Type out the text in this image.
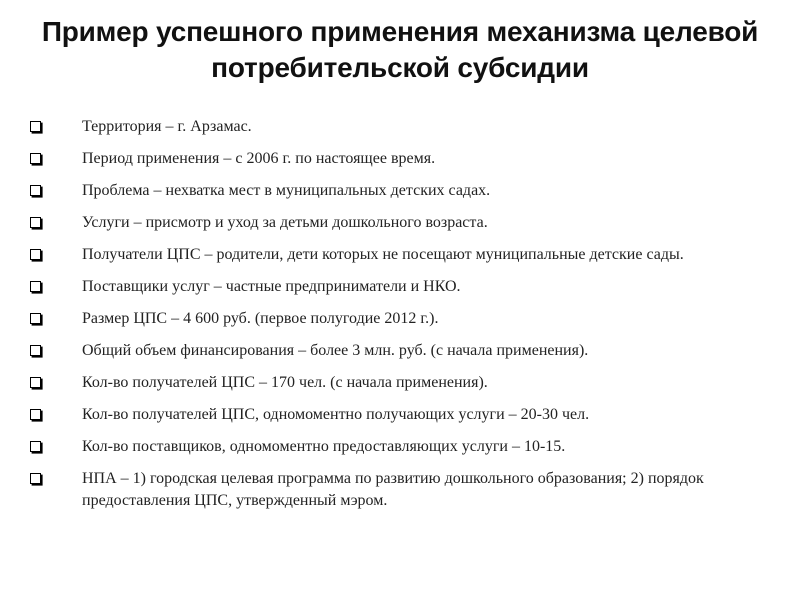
Пример успешного применения механизма целевой потребительской субсидии
Территория – г. Арзамас.
Период применения – с 2006 г. по настоящее время.
Проблема – нехватка мест в муниципальных детских садах.
Услуги – присмотр и уход за детьми дошкольного возраста.
Получатели ЦПС – родители, дети которых не посещают муниципальные детские сады.
Поставщики услуг – частные предприниматели и НКО.
Размер ЦПС – 4 600 руб. (первое полугодие 2012 г.).
Общий объем финансирования – более 3 млн. руб. (с начала применения).
Кол-во получателей ЦПС – 170 чел. (с начала применения).
Кол-во получателей ЦПС, одномоментно получающих услуги – 20-30 чел.
Кол-во поставщиков, одномоментно предоставляющих услуги – 10-15.
НПА – 1) городская целевая программа по развитию дошкольного образования; 2) порядок предоставления ЦПС, утвержденный мэром.
